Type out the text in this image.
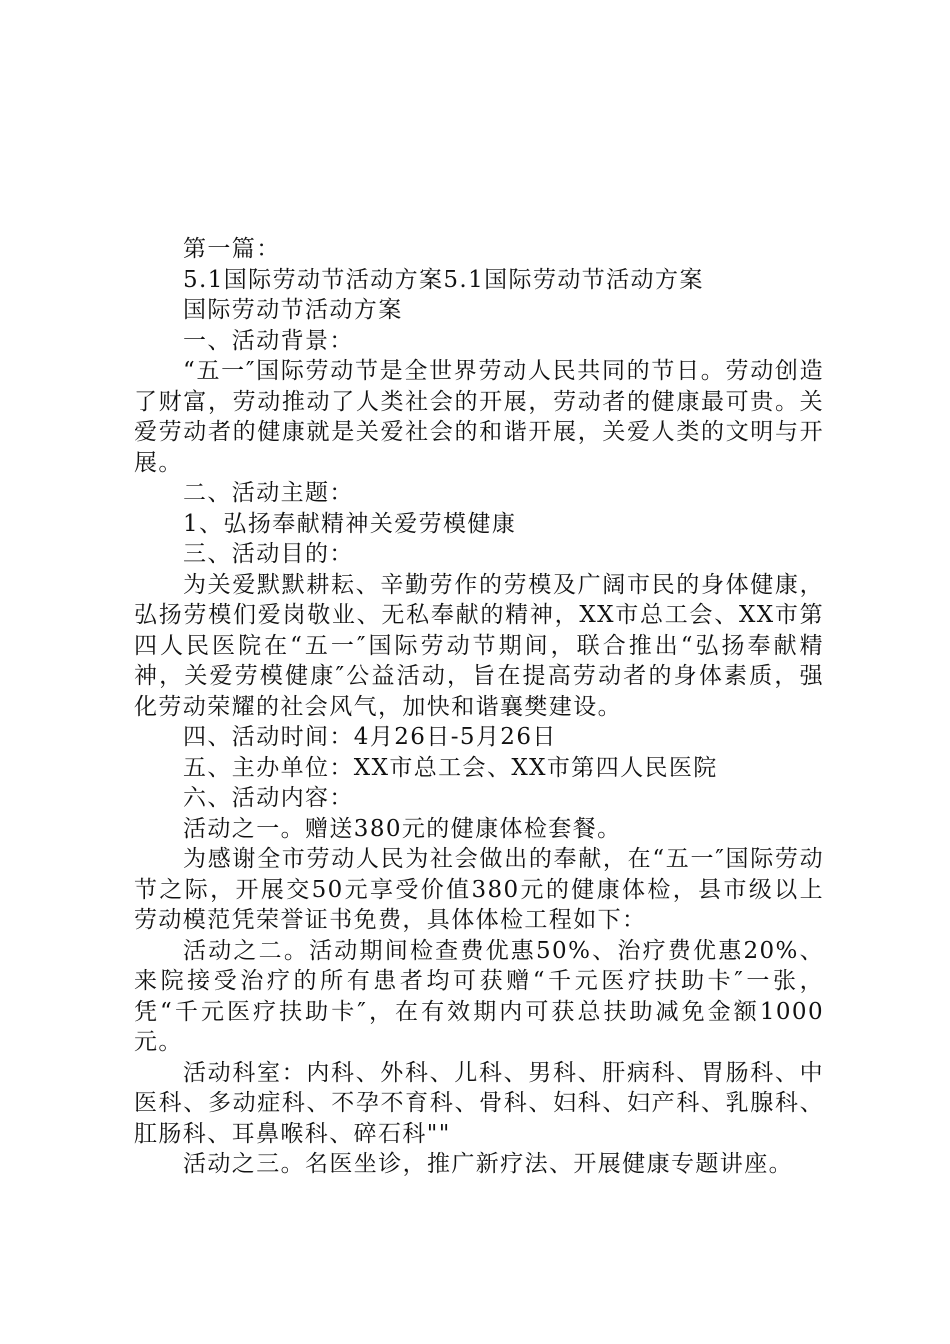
第一篇：

5.1国际劳动节活动方案5.1国际劳动节活动方案

国际劳动节活动方案

一、活动背景：

“五一″国际劳动节是全世界劳动人民共同的节日。劳动创造了财富，劳动推动了人类社会的开展，劳动者的健康最可贵。关爱劳动者的健康就是关爱社会的和谐开展，关爱人类的文明与开展。

二、活动主题：

1、弘扬奉献精神关爱劳模健康

三、活动目的：

为关爱默默耕耘、辛勤劳作的劳模及广阔市民的身体健康，弘扬劳模们爱岗敬业、无私奉献的精神，XX市总工会、XX市第四人民医院在“五一″国际劳动节期间，联合推出“弘扬奉献精神，关爱劳模健康″公益活动，旨在提高劳动者的身体素质，强化劳动荣耀的社会风气，加快和谐襄樊建设。

四、活动时间：4月26日-5月26日

五、主办单位：XX市总工会、XX市第四人民医院

六、活动内容：

活动之一。赠送380元的健康体检套餐。

为感谢全市劳动人民为社会做出的奉献，在“五一″国际劳动节之际，开展交50元享受价值380元的健康体检，县市级以上劳动模范凭荣誉证书免费，具体体检工程如下：

活动之二。活动期间检查费优惠50%、治疗费优惠20%、来院接受治疗的所有患者均可获赠“千元医疗扶助卡″一张，凭“千元医疗扶助卡″，在有效期内可获总扶助减免金额1000元。

活动科室：内科、外科、儿科、男科、肝病科、胃肠科、中医科、多动症科、不孕不育科、骨科、妇科、妇产科、乳腺科、肛肠科、耳鼻喉科、碎石科""

活动之三。名医坐诊，推广新疗法、开展健康专题讲座。
